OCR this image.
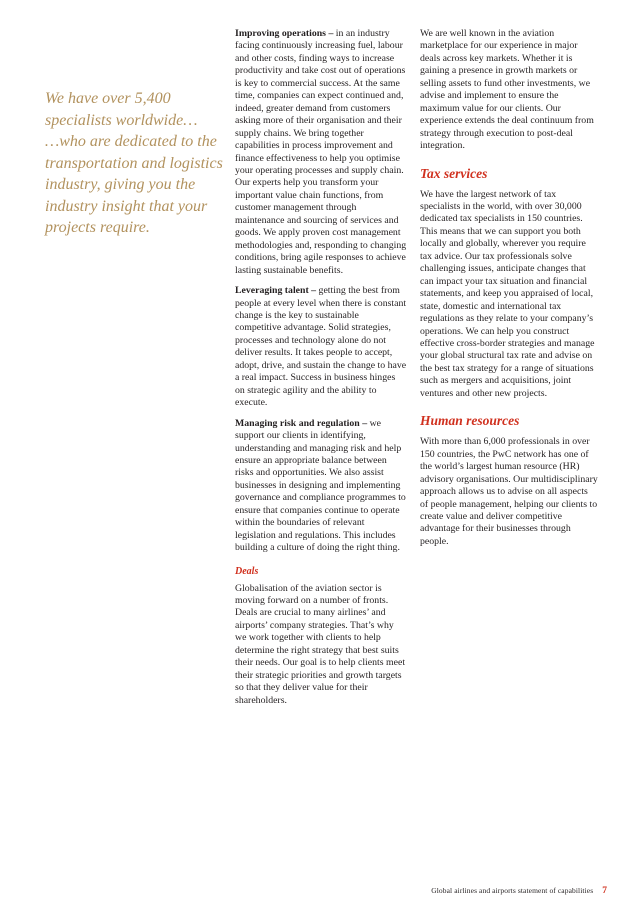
We have over 5,400 specialists worldwide…

…who are dedicated to the transportation and logistics industry, giving you the industry insight that your projects require.

Improving operations – in an industry facing continuously increasing fuel, labour and other costs, finding ways to increase productivity and take cost out of operations is key to commercial success. At the same time, companies can expect continued and, indeed, greater demand from customers asking more of their organisation and their supply chains. We bring together capabilities in process improvement and finance effectiveness to help you optimise your operating processes and supply chain. Our experts help you transform your important value chain functions, from customer management through maintenance and sourcing of services and goods. We apply proven cost management methodologies and, responding to changing conditions, bring agile responses to achieve lasting sustainable benefits.

Leveraging talent – getting the best from people at every level when there is constant change is the key to sustainable competitive advantage. Solid strategies, processes and technology alone do not deliver results. It takes people to accept, adopt, drive, and sustain the change to have a real impact. Success in business hinges on strategic agility and the ability to execute.

Managing risk and regulation – we support our clients in identifying, understanding and managing risk and help ensure an appropriate balance between risks and opportunities. We also assist businesses in designing and implementing governance and compliance programmes to ensure that companies continue to operate within the boundaries of relevant legislation and regulations. This includes building a culture of doing the right thing.

Deals

Globalisation of the aviation sector is moving forward on a number of fronts. Deals are crucial to many airlines’ and airports’ company strategies. That’s why we work together with clients to help determine the right strategy that best suits their needs. Our goal is to help clients meet their strategic priorities and growth targets so that they deliver value for their shareholders.

We are well known in the aviation marketplace for our experience in major deals across key markets. Whether it is gaining a presence in growth markets or selling assets to fund other investments, we advise and implement to ensure the maximum value for our clients. Our experience extends the deal continuum from strategy through execution to post-deal integration.

Tax services

We have the largest network of tax specialists in the world, with over 30,000 dedicated tax specialists in 150 countries. This means that we can support you both locally and globally, wherever you require tax advice. Our tax professionals solve challenging issues, anticipate changes that can impact your tax situation and financial statements, and keep you appraised of local, state, domestic and international tax regulations as they relate to your company’s operations. We can help you construct effective cross-border strategies and manage your global structural tax rate and advise on the best tax strategy for a range of situations such as mergers and acquisitions, joint ventures and other new projects.

Human resources

With more than 6,000 professionals in over 150 countries, the PwC network has one of the world’s largest human resource (HR) advisory organisations. Our multidisciplinary approach allows us to advise on all aspects of people management, helping our clients to create value and deliver competitive advantage for their businesses through people.

Global airlines and airports statement of capabilities 7
